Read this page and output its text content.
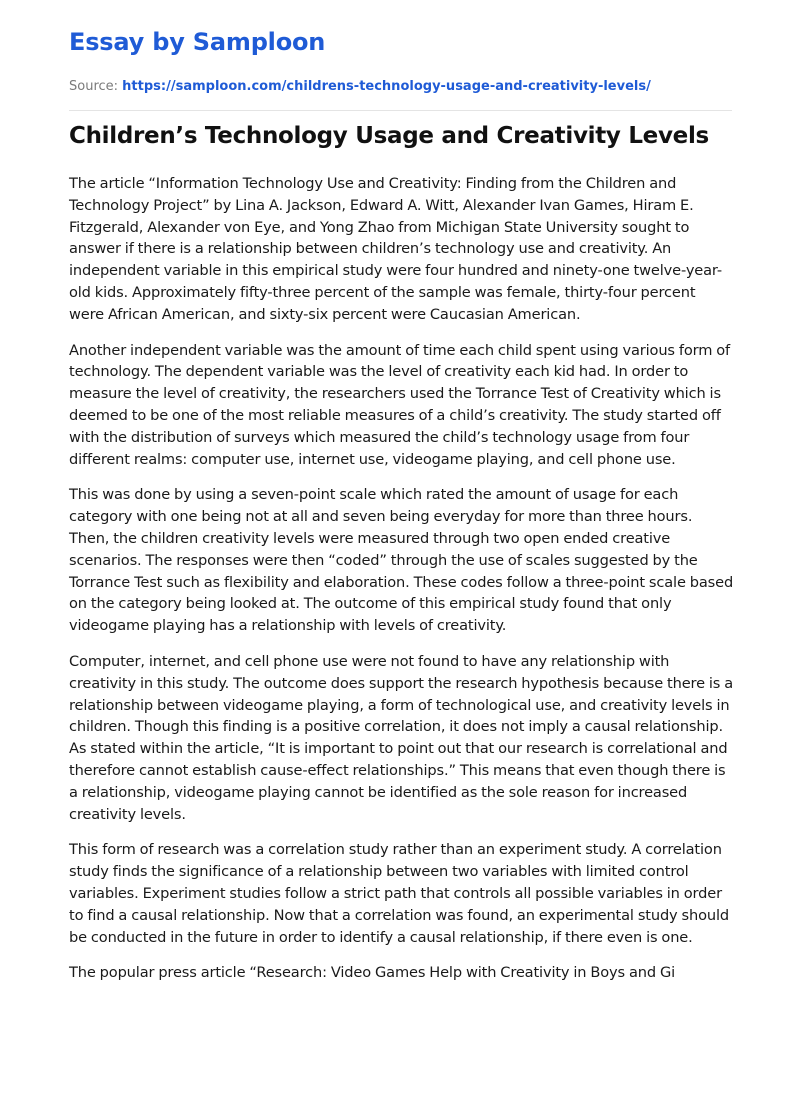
Essay by Samploon
Source: https://samploon.com/childrens-technology-usage-and-creativity-levels/
Children’s Technology Usage and Creativity Levels

The article “Information Technology Use and Creativity: Finding from the Children and Technology Project” by Lina A. Jackson, Edward A. Witt, Alexander Ivan Games, Hiram E. Fitzgerald, Alexander von Eye, and Yong Zhao from Michigan State University sought to answer if there is a relationship between children’s technology use and creativity. An independent variable in this empirical study were four hundred and ninety-one twelve-year-old kids. Approximately fifty-three percent of the sample was female, thirty-four percent were African American, and sixty-six percent were Caucasian American.

Another independent variable was the amount of time each child spent using various form of technology. The dependent variable was the level of creativity each kid had. In order to measure the level of creativity, the researchers used the Torrance Test of Creativity which is deemed to be one of the most reliable measures of a child’s creativity. The study started off with the distribution of surveys which measured the child’s technology usage from four different realms: computer use, internet use, videogame playing, and cell phone use.

This was done by using a seven-point scale which rated the amount of usage for each category with one being not at all and seven being everyday for more than three hours. Then, the children creativity levels were measured through two open ended creative scenarios. The responses were then “coded” through the use of scales suggested by the Torrance Test such as flexibility and elaboration. These codes follow a three-point scale based on the category being looked at. The outcome of this empirical study found that only videogame playing has a relationship with levels of creativity.

Computer, internet, and cell phone use were not found to have any relationship with creativity in this study. The outcome does support the research hypothesis because there is a relationship between videogame playing, a form of technological use, and creativity levels in children. Though this finding is a positive correlation, it does not imply a causal relationship. As stated within the article, “It is important to point out that our research is correlational and therefore cannot establish cause-effect relationships.” This means that even though there is a relationship, videogame playing cannot be identified as the sole reason for increased creativity levels.

This form of research was a correlation study rather than an experiment study. A correlation study finds the significance of a relationship between two variables with limited control variables. Experiment studies follow a strict path that controls all possible variables in order to find a causal relationship. Now that a correlation was found, an experimental study should be conducted in the future in order to identify a causal relationship, if there even is one.

The popular press article “Research: Video Games Help with Creativity in Boys and Gi
